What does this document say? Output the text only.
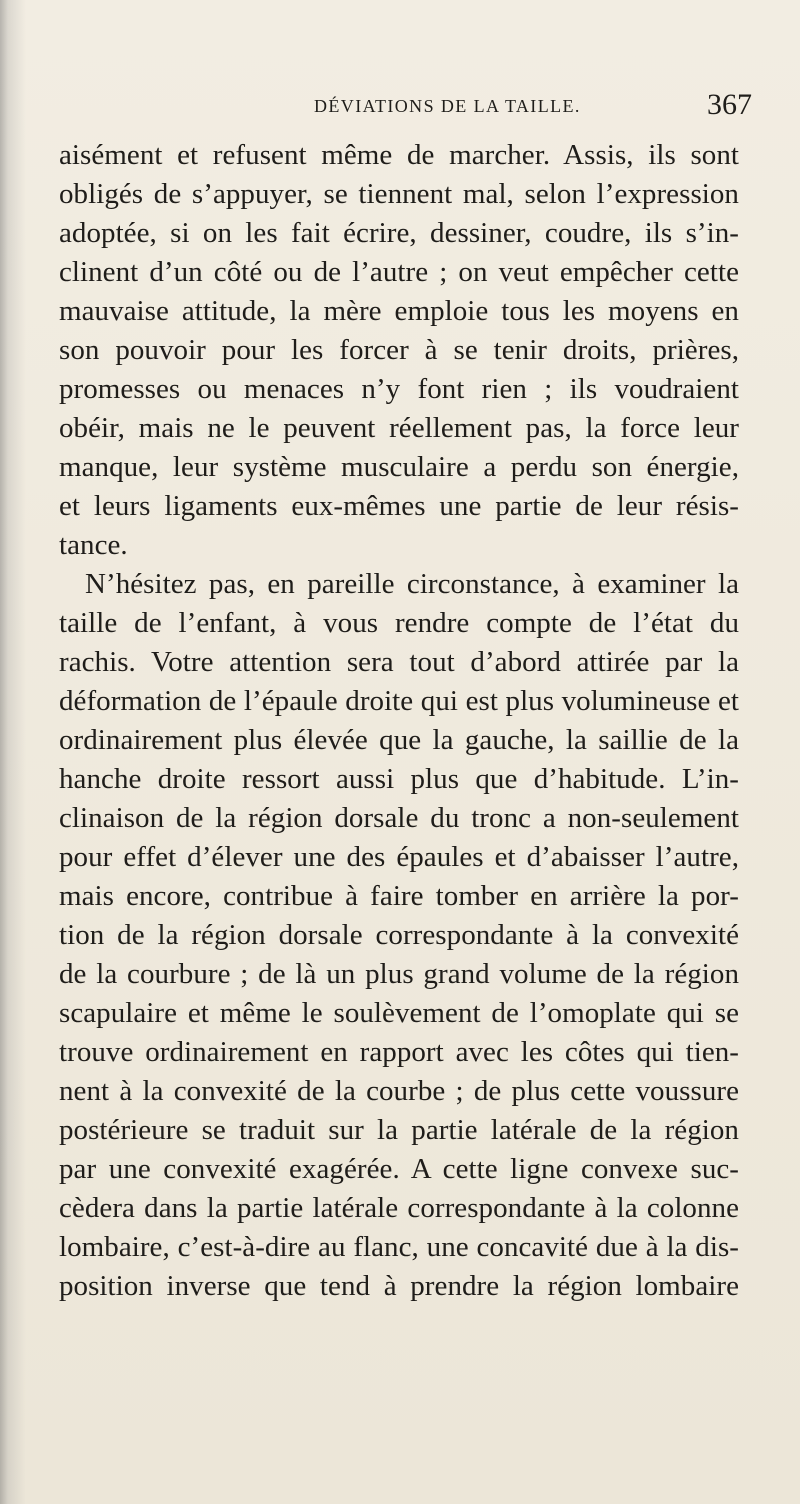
DÉVIATIONS DE LA TAILLE.	367
aisément et refusent même de marcher. Assis, ils sont
obligés de s’appuyer, se tiennent mal, selon l’expression
adoptée, si on les fait écrire, dessiner, coudre, ils s’in-
clinent d’un côté ou de l’autre ; on veut empêcher cette
mauvaise attitude, la mère emploie tous les moyens en
son pouvoir pour les forcer à se tenir droits, prières,
promesses ou menaces n’y font rien ; ils voudraient
obéir, mais ne le peuvent réellement pas, la force leur
manque, leur système musculaire a perdu son énergie,
et leurs ligaments eux-mêmes une partie de leur résis-
tance.
N’hésitez pas, en pareille circonstance, à examiner la
taille de l’enfant, à vous rendre compte de l’état du
rachis. Votre attention sera tout d’abord attirée par la
déformation de l’épaule droite qui est plus volumineuse et
ordinairement plus élevée que la gauche, la saillie de la
hanche droite ressort aussi plus que d’habitude. L’in-
clinaison de la région dorsale du tronc a non-seulement
pour effet d’élever une des épaules et d’abaisser l’autre,
mais encore, contribue à faire tomber en arrière la por-
tion de la région dorsale correspondante à la convexité
de la courbure ; de là un plus grand volume de la région
scapulaire et même le soulèvement de l’omoplate qui se
trouve ordinairement en rapport avec les côtes qui tien-
nent à la convexité de la courbe ; de plus cette voussure
postérieure se traduit sur la partie latérale de la région
par une convexité exagérée. A cette ligne convexe suc-
cèdera dans la partie latérale correspondante à la colonne
lombaire, c’est-à-dire au flanc, une concavité due à la dis-
position inverse que tend à prendre la région lombaire
